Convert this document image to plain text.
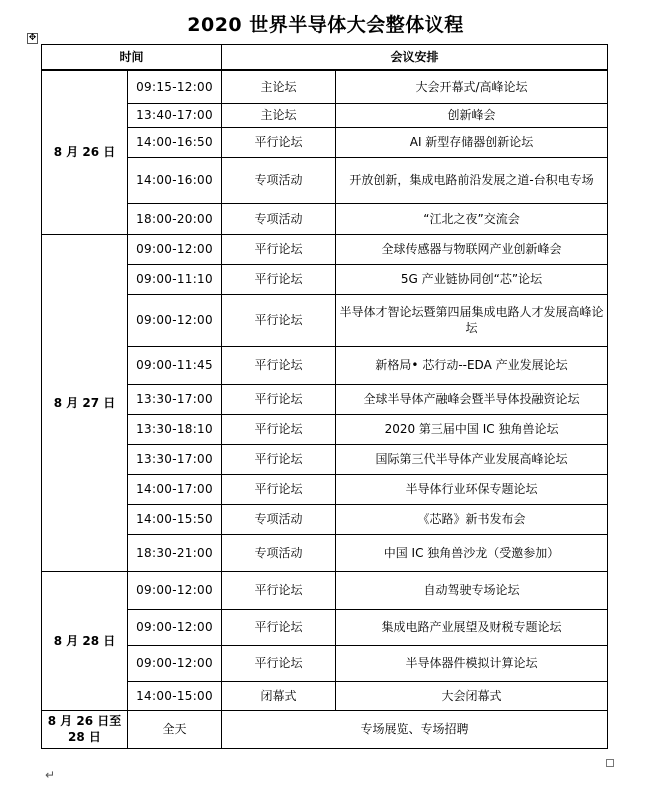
2020 世界半导体大会整体议程
✥
时间		会议安排	
8 月 26 日	09:15-12:00	主论坛	大会开幕式/高峰论坛
	13:40-17:00	主论坛	创新峰会
	14:00-16:50	平行论坛	AI 新型存储器创新论坛
	14:00-16:00	专项活动	开放创新，集成电路前沿发展之道-台积电专场
	18:00-20:00	专项活动	“江北之夜”交流会
8 月 27 日	09:00-12:00	平行论坛	全球传感器与物联网产业创新峰会
	09:00-11:10	平行论坛	5G 产业链协同创“芯”论坛
	09:00-12:00	平行论坛	半导体才智论坛暨第四届集成电路人才发展高峰论坛
	09:00-11:45	平行论坛	新格局• 芯行动--EDA 产业发展论坛
	13:30-17:00	平行论坛	全球半导体产融峰会暨半导体投融资论坛
	13:30-18:10	平行论坛	2020 第三届中国 IC 独角兽论坛
	13:30-17:00	平行论坛	国际第三代半导体产业发展高峰论坛
	14:00-17:00	平行论坛	半导体行业环保专题论坛
	14:00-15:50	专项活动	《芯路》新书发布会
	18:30-21:00	专项活动	中国 IC 独角兽沙龙（受邀参加）
8 月 28 日	09:00-12:00	平行论坛	自动驾驶专场论坛
	09:00-12:00	平行论坛	集成电路产业展望及财税专题论坛
	09:00-12:00	平行论坛	半导体器件模拟计算论坛
	14:00-15:00	闭幕式	大会闭幕式
8 月 26 日至 28 日	全天	专场展览、专场招聘	
↵
